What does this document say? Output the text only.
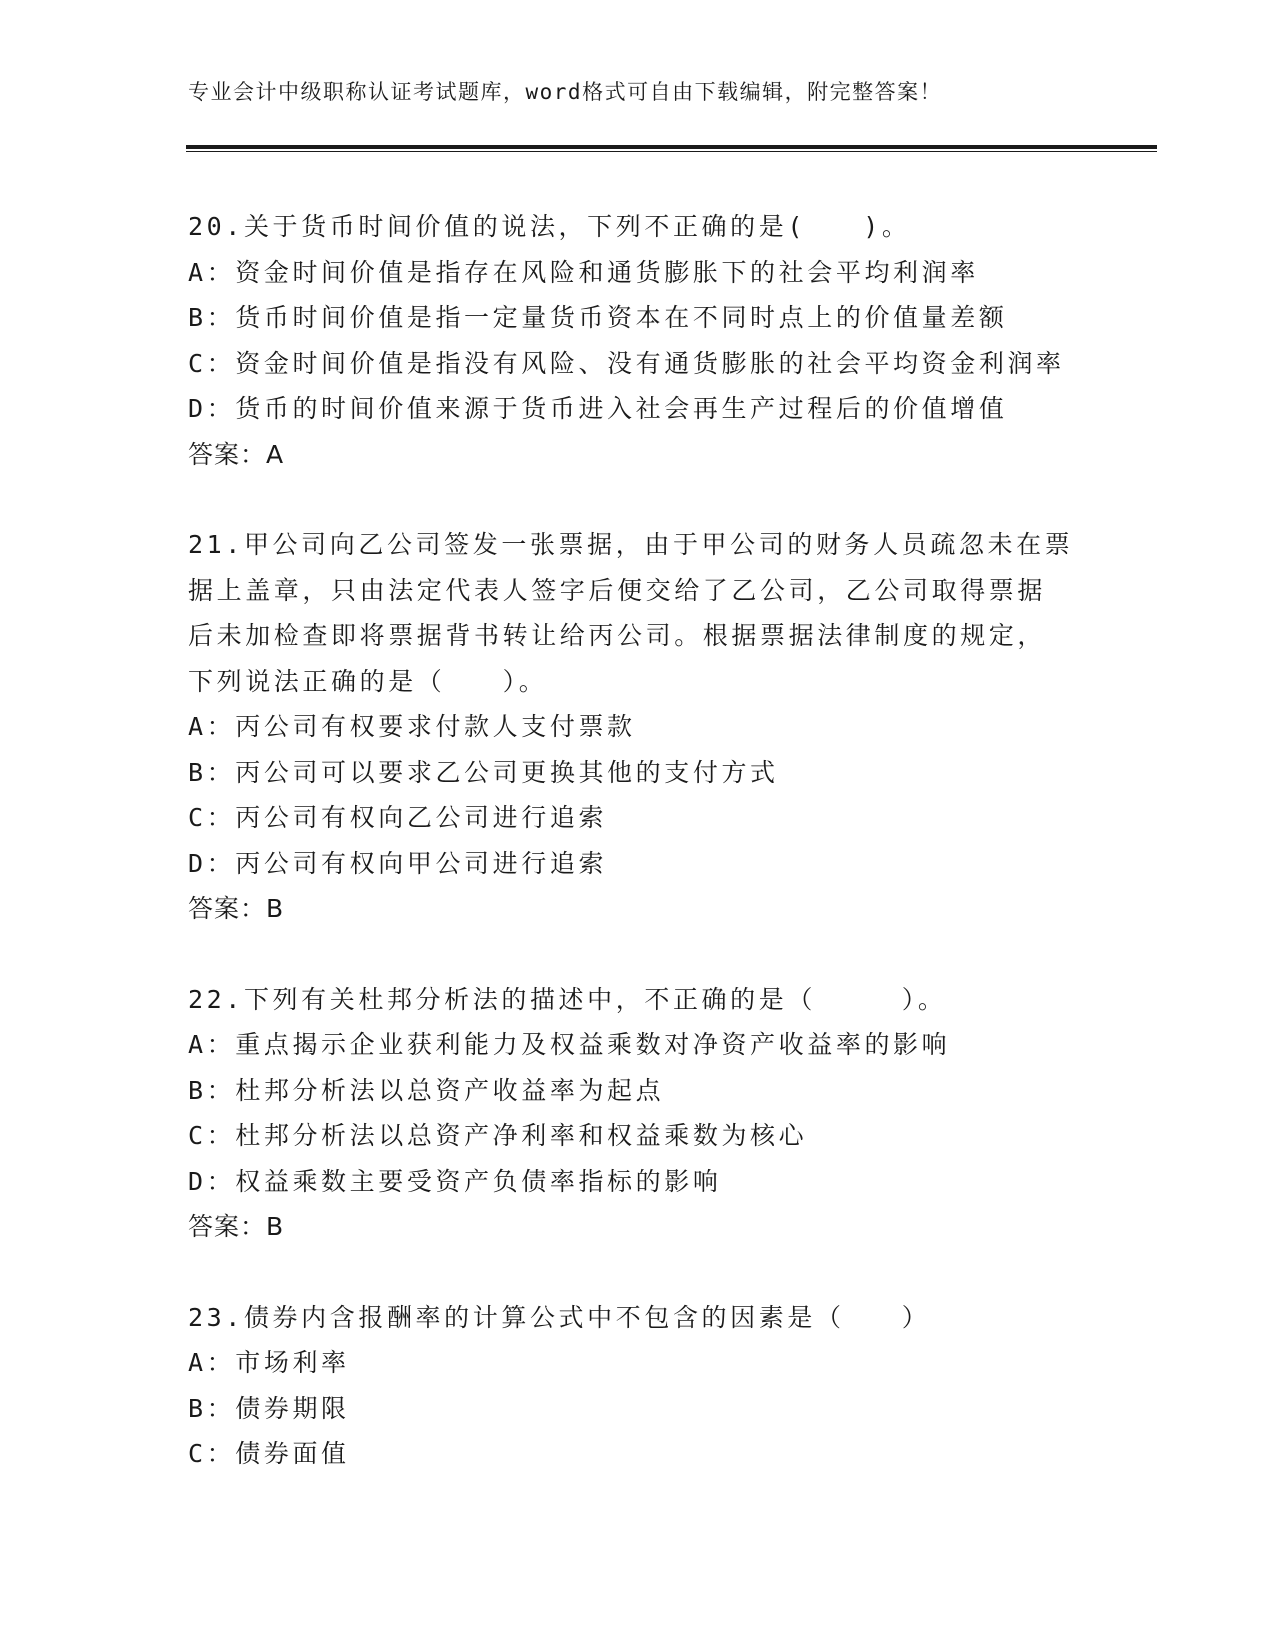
专业会计中级职称认证考试题库，word格式可自由下载编辑，附完整答案！
20.关于货币时间价值的说法，下列不正确的是(　　)。
A：资金时间价值是指存在风险和通货膨胀下的社会平均利润率
B：货币时间价值是指一定量货币资本在不同时点上的价值量差额
C：资金时间价值是指没有风险、没有通货膨胀的社会平均资金利润率
D：货币的时间价值来源于货币进入社会再生产过程后的价值增值
答案：A
21.甲公司向乙公司签发一张票据，由于甲公司的财务人员疏忽未在票
据上盖章，只由法定代表人签字后便交给了乙公司，乙公司取得票据
后未加检查即将票据背书转让给丙公司。根据票据法律制度的规定，
下列说法正确的是（　　）。
A：丙公司有权要求付款人支付票款
B：丙公司可以要求乙公司更换其他的支付方式
C：丙公司有权向乙公司进行追索
D：丙公司有权向甲公司进行追索
答案：B
22.下列有关杜邦分析法的描述中，不正确的是（　　　）。
A：重点揭示企业获利能力及权益乘数对净资产收益率的影响
B：杜邦分析法以总资产收益率为起点
C：杜邦分析法以总资产净利率和权益乘数为核心
D：权益乘数主要受资产负债率指标的影响
答案：B
23.债券内含报酬率的计算公式中不包含的因素是（　　）
A：市场利率
B：债券期限
C：债券面值
